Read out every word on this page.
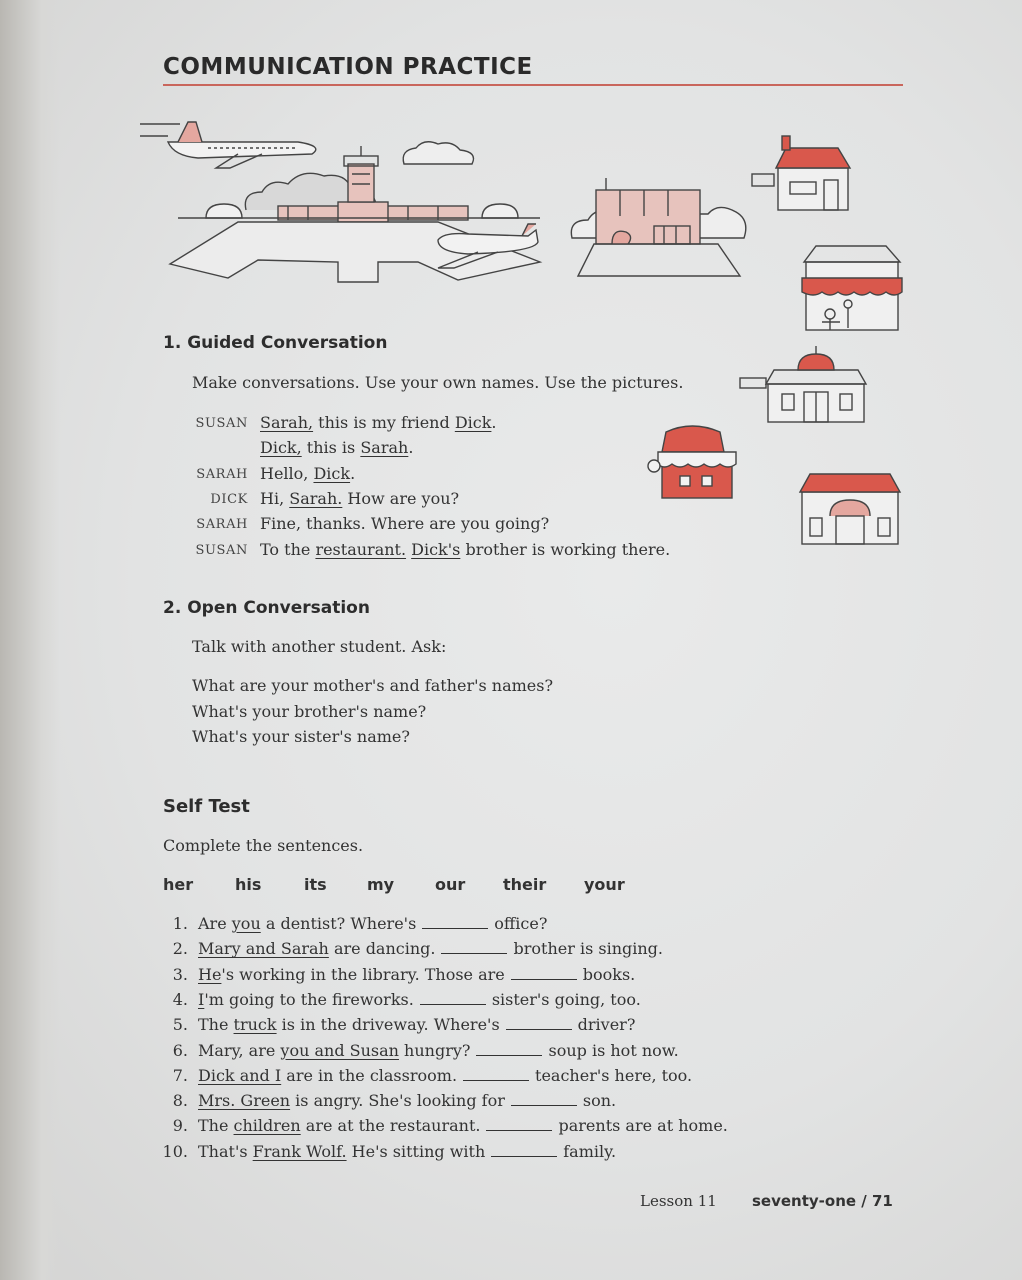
COMMUNICATION PRACTICE
1. Guided Conversation
Make conversations. Use your own names. Use the pictures.
SUSAN Sarah, this is my friend Dick.
Dick, this is Sarah.
SARAH Hello, Dick.
DICK Hi, Sarah. How are you?
SARAH Fine, thanks. Where are you going?
SUSAN To the restaurant. Dick's brother is working there.
2. Open Conversation
Talk with another student. Ask:
What are your mother's and father's names?
What's your brother's name?
What's your sister's name?
Self Test
Complete the sentences.
her	his	its	my	our their your
1. Are you a dentist? Where's	office?
2. Mary and Sarah are dancing.	brother is singing.
3. He's working in the library. Those are	books.
4. I'm going to the fireworks.	sister's going, too.
5. The truck is in the driveway. Where's	driver?
6. Mary, are you and Susan hungry?	soup is hot now.
7. Dick and I are in the classroom.	teacher's here, too.
8. Mrs. Green is angry. She's looking for	son.
9. The children are at the restaurant.	parents are at home.
10. That's Frank Wolf. He's sitting with	family.
Lesson 11 seventy-one / 71
